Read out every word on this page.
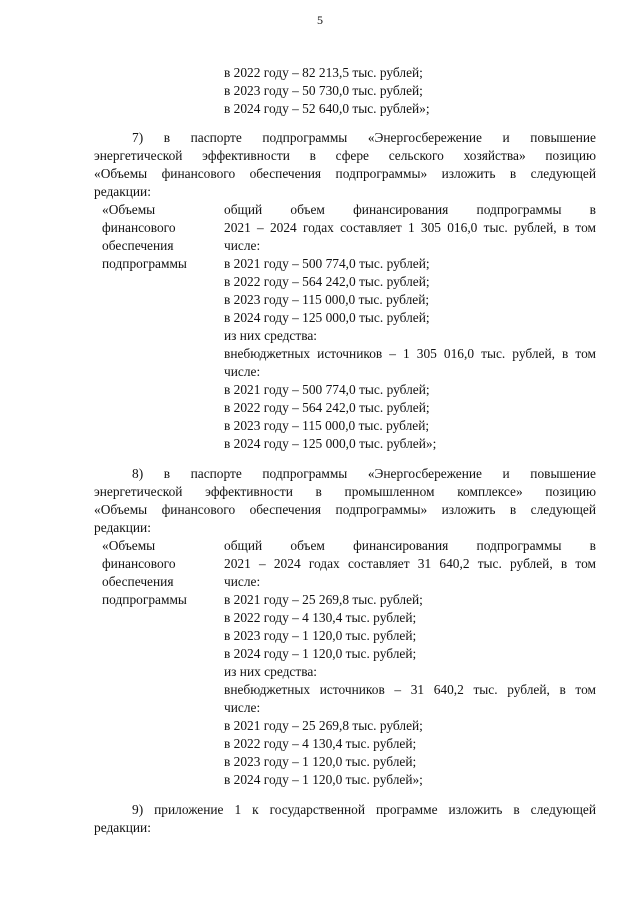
5
в 2022 году – 82 213,5 тыс. рублей;
в 2023 году – 50 730,0 тыс. рублей;
в 2024 году – 52 640,0 тыс. рублей»;
7) в паспорте подпрограммы «Энергосбережение и повышение
энергетической эффективности в сфере сельского хозяйства» позицию
«Объемы финансового обеспечения подпрограммы» изложить в следующей
редакции:
«Объемы
финансового
обеспечения
подпрограммы
общий объем финансирования подпрограммы в
2021 – 2024 годах составляет 1 305 016,0 тыс. рублей, в том
числе:
в 2021 году – 500 774,0 тыс. рублей;
в 2022 году – 564 242,0 тыс. рублей;
в 2023 году – 115 000,0 тыс. рублей;
в 2024 году – 125 000,0 тыс. рублей;
из них средства:
внебюджетных источников – 1 305 016,0 тыс. рублей, в том
числе:
в 2021 году – 500 774,0 тыс. рублей;
в 2022 году – 564 242,0 тыс. рублей;
в 2023 году – 115 000,0 тыс. рублей;
в 2024 году – 125 000,0 тыс. рублей»;
8) в паспорте подпрограммы «Энергосбережение и повышение
энергетической эффективности в промышленном комплексе» позицию
«Объемы финансового обеспечения подпрограммы» изложить в следующей
редакции:
«Объемы
финансового
обеспечения
подпрограммы
общий объем финансирования подпрограммы в
2021 – 2024 годах составляет 31 640,2 тыс. рублей, в том
числе:
в 2021 году – 25 269,8 тыс. рублей;
в 2022 году – 4 130,4 тыс. рублей;
в 2023 году – 1 120,0 тыс. рублей;
в 2024 году – 1 120,0 тыс. рублей;
из них средства:
внебюджетных источников – 31 640,2 тыс. рублей, в том
числе:
в 2021 году – 25 269,8 тыс. рублей;
в 2022 году – 4 130,4 тыс. рублей;
в 2023 году – 1 120,0 тыс. рублей;
в 2024 году – 1 120,0 тыс. рублей»;
9) приложение 1 к государственной программе изложить в следующей
редакции:
